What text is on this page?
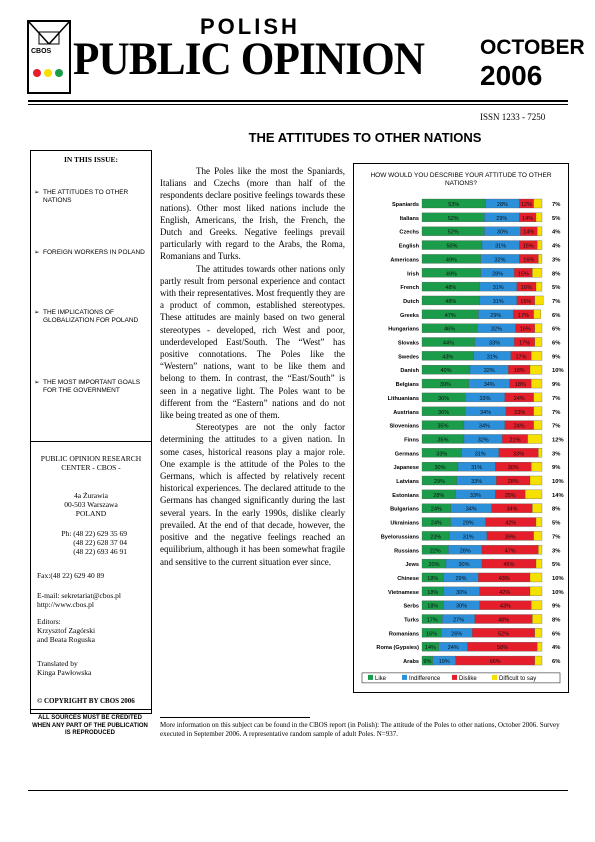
CBOS
POLISH
PUBLIC OPINION	OCTOBER
2006
ISSN 1233 - 7250
THE ATTITUDES TO OTHER NATIONS
IN THIS ISSUE:
➢ THE ATTITUDES TO OTHER NATIONS
➢ FOREIGN WORKERS IN POLAND
➢ THE IMPLICATIONS OF GLOBALIZATION FOR POLAND
➢ THE MOST IMPORTANT GOALS FOR THE GOVERNMENT
PUBLIC OPINION RESEARCH CENTER - CBOS -
4a Żurawia
00-503 Warszawa
POLAND
Ph: (48 22) 629 35 69
(48 22) 628 37 04
(48 22) 693 46 91
Fax:(48 22) 629 40 89
E-mail: sekretariat@cbos.pl
http://www.cbos.pl
Editors:
Krzysztof Zagórski
and Beata Roguska
Translated by
Kinga Pawłowska
© COPYRIGHT BY CBOS 2006
ALL SOURCES MUST BE CREDITED WHEN ANY PART OF THE PUBLICATION IS REPRODUCED

The Poles like the most the Spaniards, Italians and Czechs (more than half of the respondents declare positive feelings towards these nations). Other most liked nations include the English, Americans, the Irish, the French, the Dutch and Greeks. Negative feelings prevail particularly with regard to the Arabs, the Roma, Romanians and Turks.

The attitudes towards other nations only partly result from personal experience and contact with their representatives. Most frequently they are a product of common, established stereotypes. These attitudes are mainly based on two general stereotypes - developed, rich West and poor, underdeveloped East/South. The “West” has positive connotations. The Poles like the “Western” nations, want to be like them and belong to them. In contrast, the “East/South” is seen in a negative light. The Poles want to be different from the “Eastern” nations and do not like being treated as one of them.

Stereotypes are not the only factor determining the attitudes to a given nation. In some cases, historical reasons play a major role. One example is the attitude of the Poles to the Germans, which is affected by relatively recent historical experiences. The declared attitude to the Germans has changed significantly during the last several years. In the early 1990s, dislike clearly prevailed. At the end of that decade, however, the positive and the negative feelings reached an equilibrium, although it has been somewhat fragile and sensitive to the current situation ever since.

HOW WOULD YOU DESCRIBE YOUR ATTITUDE TO OTHER NATIONS?
Spaniards	53%	28% 12%	7%
Italians	52%	29%	14%	5%
Czechs	52%	30%	14%	4%
English	50%	31%	15%	4%
Americans	49%	32%	16%	3%
Irish	49%	28%	15%	8%
French	48%	31%	16%	5%
Dutch	48%	31%	15%	7%
Greeks	47%	29%	17%	6%
Hungarians	46%	32%	16%	6%
Slovaks	44%	33%	17%	6%
Swedes	43%	31%	17%	9%
Danish	40%	32%	18%	10%
Belgians	39%	34%	18%	9%
Lithuanians	36%	33%	24%	7%
Austrians	36%	34%	23%	7%
Slovenians	35%	34%	24%	7%
Finns	35%	32%	21%	12%
Germans	33%	31%	33%	3%
Japanese	30%	31%	30%	9%
Latvians	29%	33%	28%	10%
Estonians	28%	33%	25%	14%
Bulgarians 24%	34%	34%	8%
Ukrainians 24%	29%	42%	5%
Byelorussians 23%	31%	39%	7%
Russians 22%	28%	47%	3%
Jews 20%	30%	45%	5%
Chinese 18%	29%	43%	10%
Vietnamese 18%	30%	42%	10%
Serbs 18%	30%	43%	9%
Turks 17%	27%	48%	8%
Romanians 16%	26%	52%	6%
Roma (Gypsies) 14% 24%	58%	4%
Arabs 9% 19%	66%	6%
Like	Indifference	Dislike	Difficult to say
More information on this subject can be found in the CBOS report (in Polish): The attitude of the Poles to other nations, October 2006. Survey executed in September 2006. A representative random sample of adult Poles. N=937.
